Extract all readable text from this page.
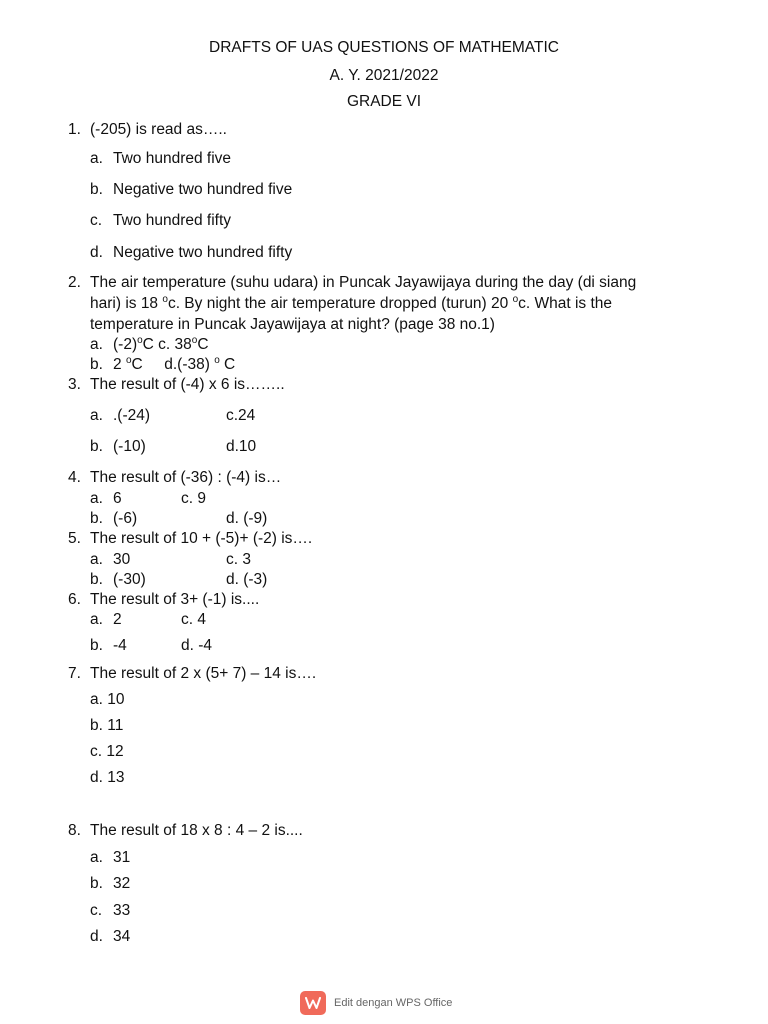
DRAFTS OF UAS QUESTIONS OF MATHEMATIC
A. Y. 2021/2022
GRADE VI
1. (-205) is read as…..
a. Two hundred five
b. Negative two hundred five
c. Two hundred fifty
d. Negative two hundred fifty
2. The air temperature (suhu udara) in Puncak Jayawijaya during the day (di siang
hari) is 18 $^o$c. By night the air temperature dropped (turun) 20 $^o$c. What is the
temperature in Puncak Jayawijaya at night? (page 38 no.1)
a. $(-2)^oC$ c. 38$^o$C
b. 2 $^o$C     d.(-38) $^o$ C
3. The result of (-4) x 6 is……..
a. .(-24)	c.24
b. (-10)	d.10
4. The result of (-36) : (-4) is…
a. 6	c. 9
b. (-6)	d. (-9)
5. The result of 10 + (-5)+ (-2) is….
a. 30	c. 3
b. (-30)	d. (-3)
6. The result of 3+ (-1) is....
a. 2	c. 4
b. -4	d. -4
7. The result of 2 x (5+ 7) – 14 is….
a. 10
b. 11
c. 12
d. 13
8. The result of 18 x 8 : 4 – 2 is....
a. 31
b. 32
c. 33
d. 34
Edit dengan WPS Office
